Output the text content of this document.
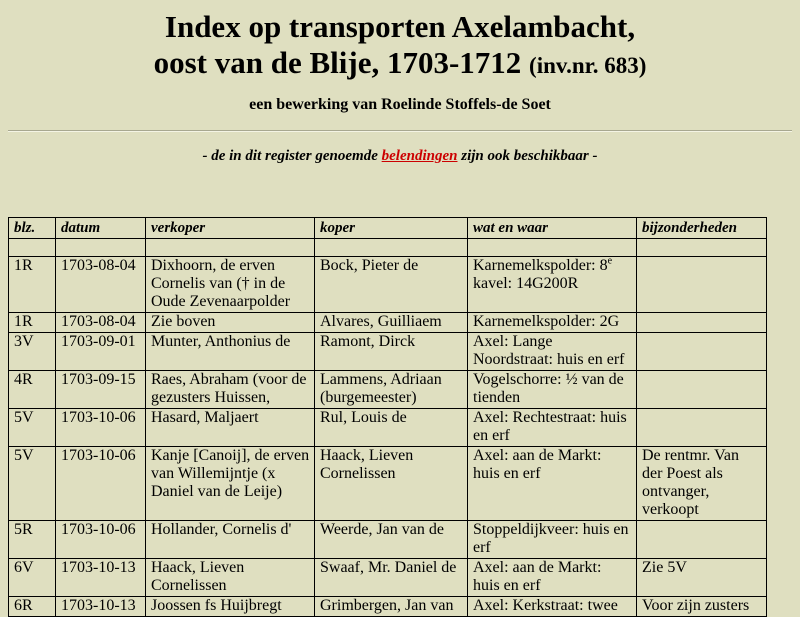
Index op transporten Axelambacht,
oost van de Blije, 1703-1712 (inv.nr. 683)

een bewerking van Roelinde Stoffels-de Soet

- de in dit register genoemde belendingen zijn ook beschikbaar -
blz.	datum	verkoper	koper	wat en waar	bijzonderheden

1R	1703-08-04	Dixhoorn, de erven Cornelis van († in de Oude Zevenaarpolder	Bock, Pieter de	Karnemelkspolder: 8e
kavel: 14G200R	
1R	1703-08-04	Zie boven	Alvares, Guilliaem	Karnemelkspolder: 2G	
3V	1703-09-01	Munter, Anthonius de	Ramont, Dirck	Axel: Lange Noordstraat: huis en erf	
4R	1703-09-15	Raes, Abraham (voor de gezusters Huissen,	Lammens, Adriaan (burgemeester)	Vogelschorre: ½ van de tienden	
5V	1703-10-06	Hasard, Maljaert	Rul, Louis de	Axel: Rechtestraat: huis en erf	
5V	1703-10-06	Kanje [Canoij], de erven van Willemijntje (x Daniel van de Leije)	Haack, Lieven Cornelissen	Axel: aan de Markt: huis en erf	De rentmr. Van der Poest als ontvanger, verkoopt
5R	1703-10-06	Hollander, Cornelis d'	Weerde, Jan van de	Stoppeldijkveer: huis en erf	
6V	1703-10-13	Haack, Lieven Cornelissen	Swaaf, Mr. Daniel de	Axel: aan de Markt: huis en erf	Zie 5V
6R	1703-10-13	Joossen fs Huijbregt	Grimbergen, Jan van	Axel: Kerkstraat: twee	Voor zijn zusters
